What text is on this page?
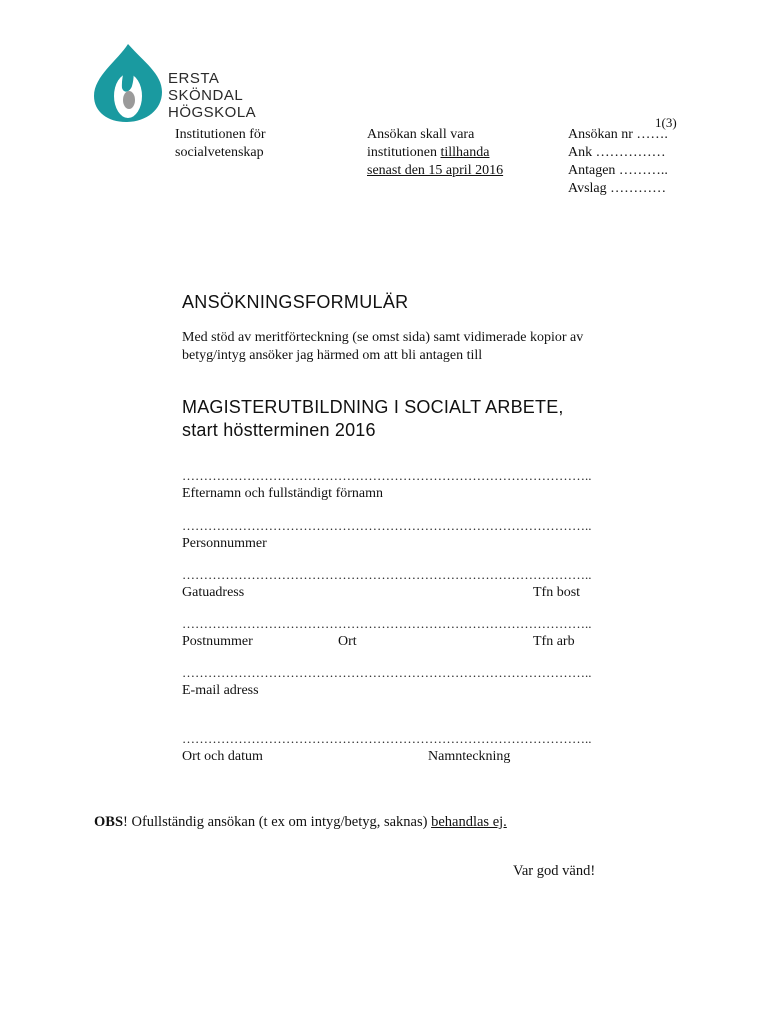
ERSTA
SKÖNDAL
HÖGSKOLA
1(3)
Institutionen för
socialvetenskap
Ansökan skall vara
institutionen tillhanda
senast den 15 april 2016
Ansökan nr …….
Ank ……………
Antagen ………..
Avslag …………
ANSÖKNINGSFORMULÄR
Med stöd av meritförteckning (se omst sida) samt vidimerade kopior av
betyg/intyg ansöker jag härmed om att bli antagen till
MAGISTERUTBILDNING I SOCIALT ARBETE,
start höstterminen 2016
…………………………………………………………………………………..
Efternamn och fullständigt förnamn
…………………………………………………………………………………..
Personnummer
…………………………………………………………………………………..
Gatuadress	Tfn bost
…………………………………………………………………………………..
Postnummer	Ort	Tfn arb
…………………………………………………………………………………..
E-mail adress
…………………………………………………………………………………..
Ort och datum	Namnteckning
OBS! Ofullständig ansökan (t ex om intyg/betyg, saknas) behandlas ej.
Var god vänd!
